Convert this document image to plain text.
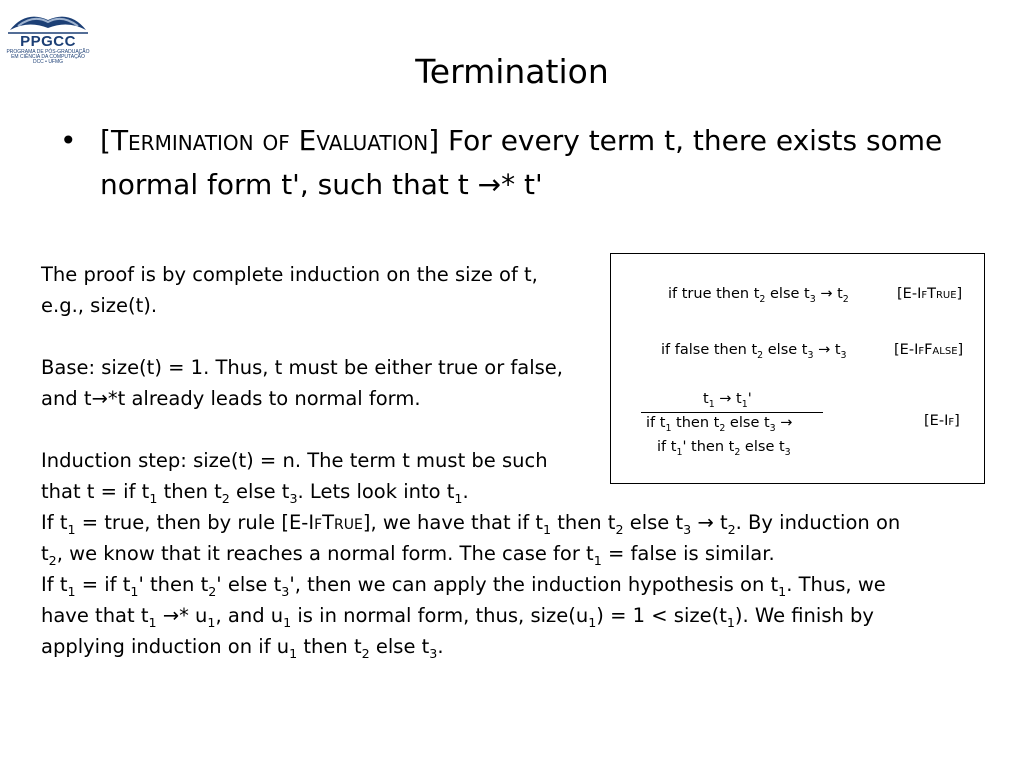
PPGCC
PROGRAMA DE PÓS-GRADUAÇÃO
EM CIÊNCIA DA COMPUTAÇÃO
DCC • UFMG	Termination
• [Termination of Evaluation] For every term t, there exists some normal form t', such that t →* t'
if true then $t_2$ else $t_3 \to t_2$	[E-IfTrue]
if false then $t_2$ else $t_3 \to t_3$	[E-IfFalse]
$t_1 \to t_1'$
if $t_1$ then $t_2$ else $t_3$ →
if $t_1'$ then $t_2$ else $t_3$
[E-If]
The proof is by complete induction on the size of t,
e.g., size(t).
Base: size(t) = 1. Thus, t must be either true or false,
and t→*t already leads to normal form.
Induction step: size(t) = n. The term t must be such
that t = if $t_1$ then $t_2$ else $t_3$. Lets look into $t_1$.
If $t_1$ = true, then by rule [E-IfTrue], we have that if $t_1$ then $t_2$ else $t_3 \to t_2$. By induction on
$t_2$, we know that it reaches a normal form. The case for $t_1$ = false is similar.
If $t_1$ = if $t_1'$ then $t_2'$ else $t_3'$, then we can apply the induction hypothesis on $t_1$. Thus, we
have that $t_1 \to* u_1$, and $u_1$ is in normal form, thus, $size(u_1) = 1$ < $size(t_1)$. We finish by
applying induction on if $u_1$ then $t_2$ else $t_3$.
